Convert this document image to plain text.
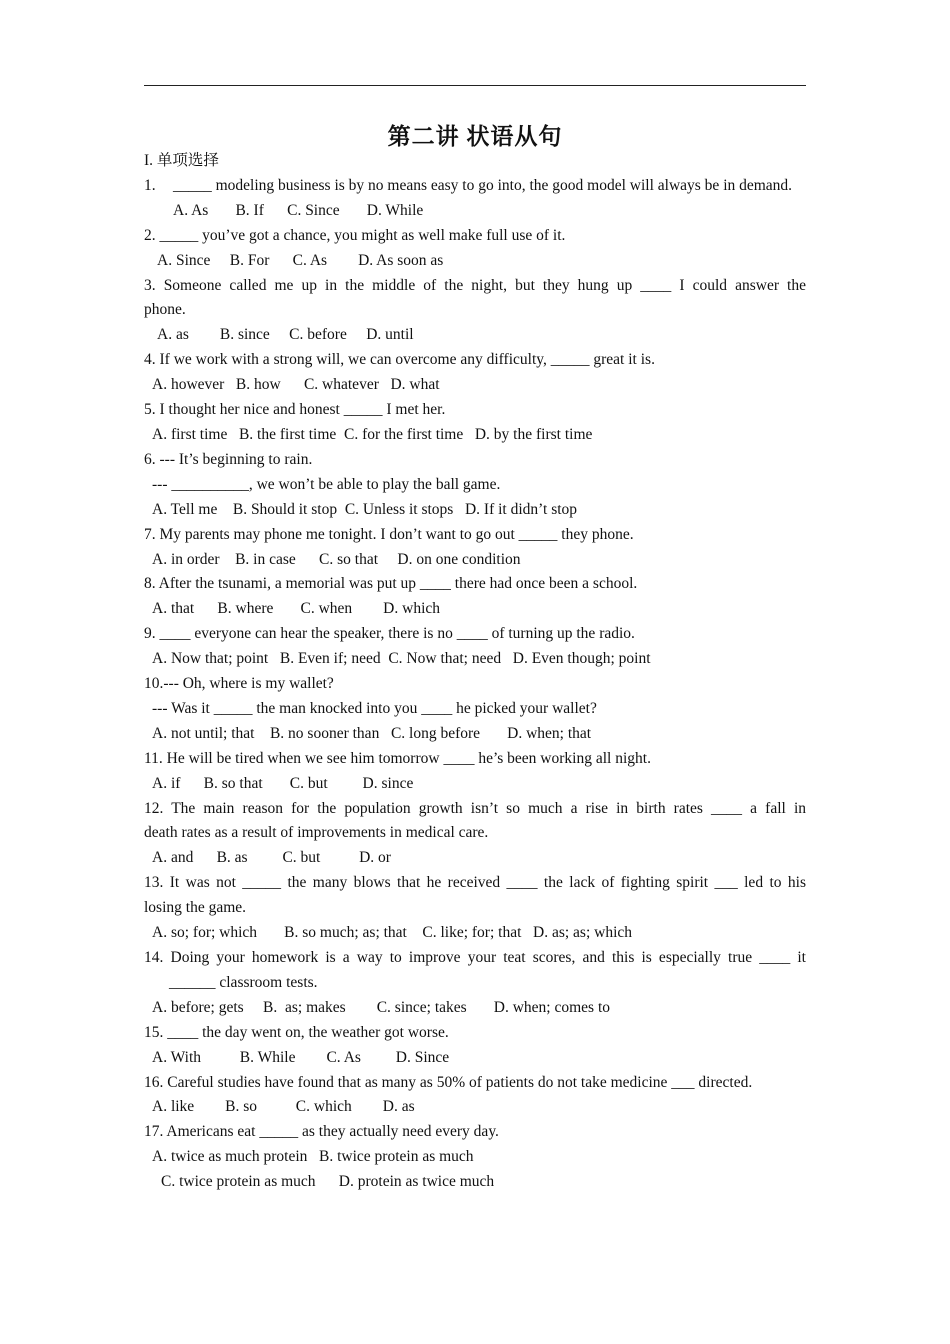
第二讲 状语从句
I. 单项选择
1. _____ modeling business is by no means easy to go into, the good model will always be in demand.
A. As       B. If      C. Since       D. While
2. _____ you’ve got a chance, you might as well make full use of it.
A. Since     B. For      C. As        D. As soon as
3. Someone called me up in the middle of the night, but they hung up ____ I could answer the
phone.
A. as        B. since     C. before     D. until
4. If we work with a strong will, we can overcome any difficulty, _____ great it is.
A. however   B. how      C. whatever   D. what
5. I thought her nice and honest _____ I met her.
A. first time   B. the first time  C. for the first time   D. by the first time
6. --- It’s beginning to rain.
--- __________, we won’t be able to play the ball game.
A. Tell me    B. Should it stop  C. Unless it stops   D. If it didn’t stop
7. My parents may phone me tonight. I don’t want to go out _____ they phone.
A. in order    B. in case      C. so that     D. on one condition
8. After the tsunami, a memorial was put up ____ there had once been a school.
A. that      B. where       C. when        D. which
9. ____ everyone can hear the speaker, there is no ____ of turning up the radio.
A. Now that; point   B. Even if; need  C. Now that; need   D. Even though; point
10.--- Oh, where is my wallet?
--- Was it _____ the man knocked into you ____ he picked your wallet?
A. not until; that    B. no sooner than   C. long before       D. when; that
11. He will be tired when we see him tomorrow ____ he’s been working all night.
A. if      B. so that       C. but         D. since
12. The main reason for the population growth isn’t so much a rise in birth rates ____ a fall in
death rates as a result of improvements in medical care.
A. and      B. as         C. but          D. or
13. It was not _____ the many blows that he received ____ the lack of fighting spirit ___ led to his
losing the game.
A. so; for; which       B. so much; as; that    C. like; for; that   D. as; as; which
14. Doing your homework is a way to improve your teat scores, and this is especially true ____ it
______ classroom tests.
A. before; gets     B.  as; makes        C. since; takes       D. when; comes to
15. ____ the day went on, the weather got worse.
A. With          B. While        C. As         D. Since
16. Careful studies have found that as many as 50% of patients do not take medicine ___ directed.
A. like        B. so          C. which        D. as
17. Americans eat _____ as they actually need every day.
A. twice as much protein   B. twice protein as much
C. twice protein as much      D. protein as twice much
